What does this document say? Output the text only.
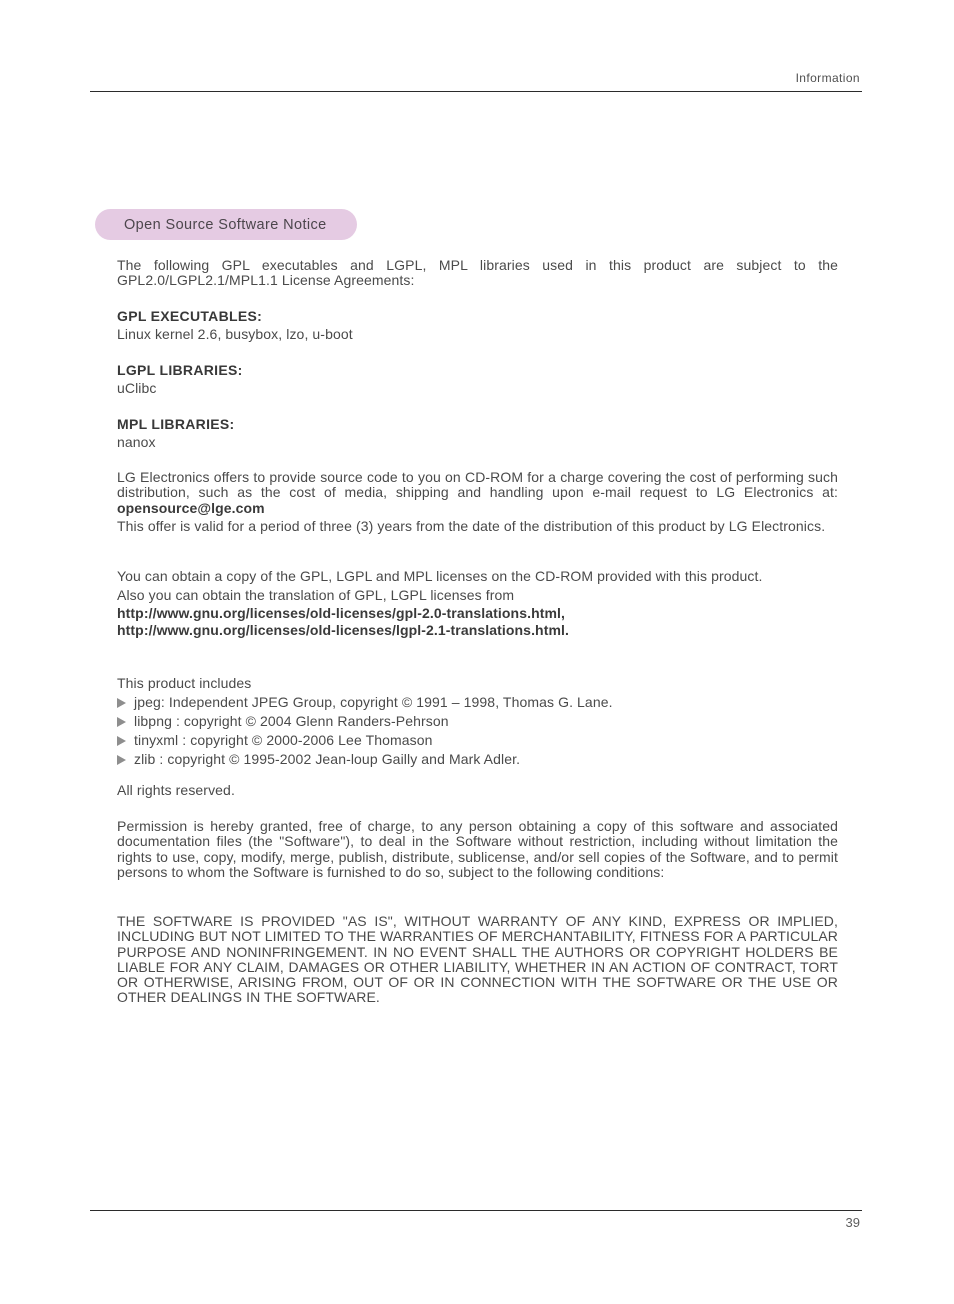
Information
Open Source Software Notice
The following GPL executables and LGPL, MPL libraries used in this product are subject to the GPL2.0/LGPL2.1/MPL1.1 License Agreements:
GPL EXECUTABLES:
Linux kernel 2.6, busybox, lzo, u-boot
LGPL LIBRARIES:
uClibc
MPL LIBRARIES:
nanox

LG Electronics offers to provide source code to you on CD-ROM for a charge covering the cost of performing such distribution, such as the cost of media, shipping and handling upon e-mail request to LG Electronics at: opensource@lge.com

This offer is valid for a period of three (3) years from the date of the distribution of this product by LG Electronics.

You can obtain a copy of the GPL, LGPL and MPL licenses on the CD-ROM provided with this product.

Also you can obtain the translation of GPL, LGPL licenses from
http://www.gnu.org/licenses/old-licenses/gpl-2.0-translations.html,
http://www.gnu.org/licenses/old-licenses/lgpl-2.1-translations.html.
This product includes
jpeg: Independent JPEG Group, copyright © 1991 – 1998, Thomas G. Lane.
libpng : copyright © 2004 Glenn Randers-Pehrson
tinyxml : copyright © 2000-2006 Lee Thomason
zlib : copyright © 1995-2002 Jean-loup Gailly and Mark Adler.
All rights reserved.
Permission is hereby granted, free of charge, to any person obtaining a copy of this software and associated documentation files (the "Software"), to deal in the Software without restriction, including without limitation the rights to use, copy, modify, merge, publish, distribute, sublicense, and/or sell copies of the Software, and to permit persons to whom the Software is furnished to do so, subject to the following conditions:
THE SOFTWARE IS PROVIDED "AS IS", WITHOUT WARRANTY OF ANY KIND, EXPRESS OR IMPLIED, INCLUDING BUT NOT LIMITED TO THE WARRANTIES OF MERCHANTABILITY, FITNESS FOR A PARTICULAR PURPOSE AND NONINFRINGEMENT. IN NO EVENT SHALL THE AUTHORS OR COPYRIGHT HOLDERS BE LIABLE FOR ANY CLAIM, DAMAGES OR OTHER LIABILITY, WHETHER IN AN ACTION OF CONTRACT, TORT OR OTHERWISE, ARISING FROM, OUT OF OR IN CONNECTION WITH THE SOFTWARE OR THE USE OR OTHER DEALINGS IN THE SOFTWARE.
39
